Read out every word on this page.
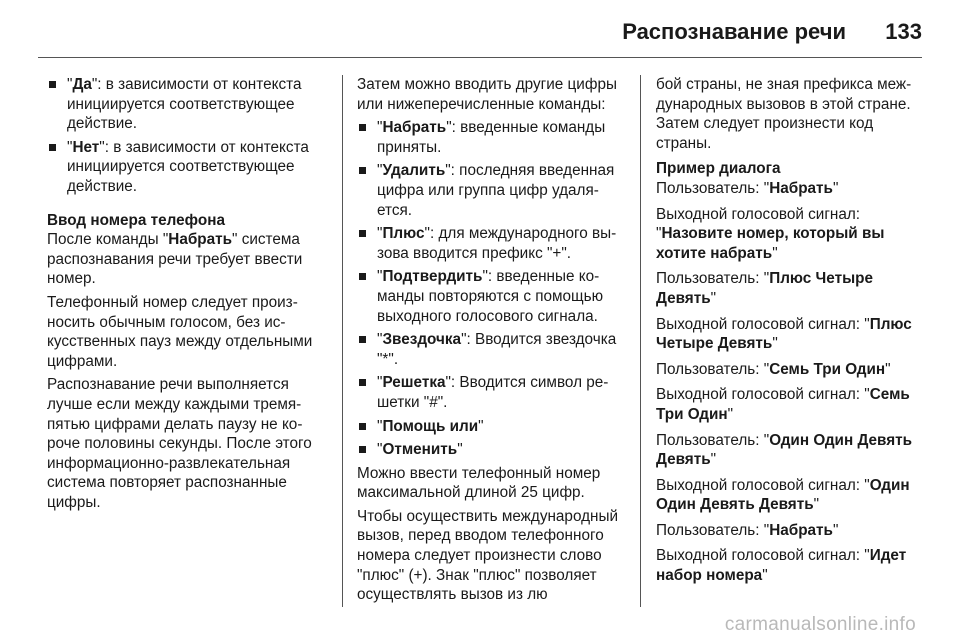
Распознавание речи 133

"Да": в зависимости от контекста инициируется соответствующее действие.

"Нет": в зависимости от контекста инициируется соответствующее действие.

Ввод номера телефона

После команды "Набрать" система распознавания речи требует ввести номер.

Телефонный номер следует произносить обычным голосом, без искусственных пауз между отдельными цифрами.

Распознавание речи выполняется лучше если между каждыми тремя-пятью цифрами делать паузу не короче половины секунды. После этого информационно-развлекательная система повторяет распознанные цифры.

Затем можно вводить другие цифры или нижеперечисленные команды:

"Набрать": введенные команды приняты.

"Удалить": последняя введенная цифра или группа цифр удаляется.

"Плюс": для международного вызова вводится префикс "+".

"Подтвердить": введенные команды повторяются с помощью выходного голосового сигнала.

"Звездочка": Вводится звездочка "*".

"Решетка": Вводится символ решетки "#".

"Помощь или"

"Отменить"

Можно ввести телефонный номер максимальной длиной 25 цифр.

Чтобы осуществить международный вызов, перед вводом телефонного номера следует произнести слово "плюс" (+). Знак "плюс" позволяет осуществлять вызов из лю

бой страны, не зная префикса международных вызовов в этой стране. Затем следует произнести код страны.

Пример диалога

Пользователь: "Набрать"

Выходной голосовой сигнал: "Назовите номер, который вы хотите набрать"

Пользователь: "Плюс Четыре Девять"

Выходной голосовой сигнал: "Плюс Четыре Девять"

Пользователь: "Семь Три Один"

Выходной голосовой сигнал: "Семь Три Один"

Пользователь: "Один Один Девять Девять"

Выходной голосовой сигнал: "Один Один Девять Девять"

Пользователь: "Набрать"

Выходной голосовой сигнал: "Идет набор номера"

carmanualsonline.info
